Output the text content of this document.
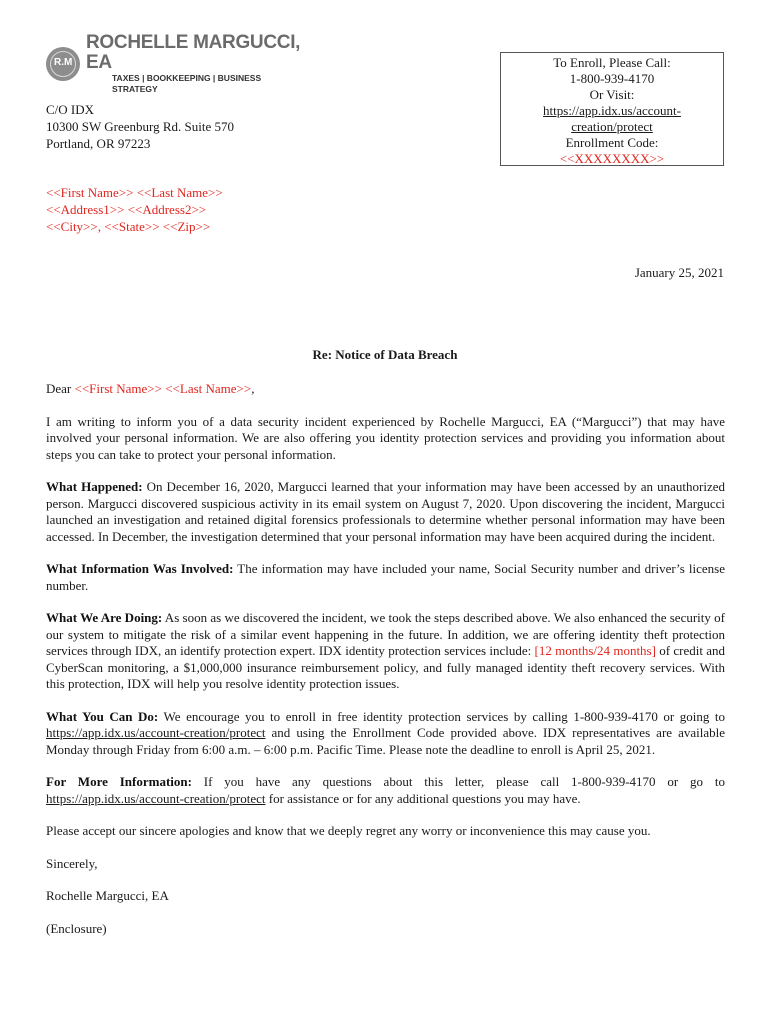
R.M
ROCHELLE MARGUCCI, EA
TAXES | BOOKKEEPING | BUSINESS STRATEGY
C/O IDX
10300 SW Greenburg Rd. Suite 570
Portland, OR 97223
To Enroll, Please Call:
1-800-939-4170
Or Visit:
https://app.idx.us/account-
creation/protect
Enrollment Code:
<<XXXXXXXX>>
<<First Name>> <<Last Name>>
<<Address1>> <<Address2>>
<<City>>, <<State>> <<Zip>>
January 25, 2021
Re: Notice of Data Breach

Dear <<First Name>> <<Last Name>>,

I am writing to inform you of a data security incident experienced by Rochelle Margucci, EA (“Margucci”) that may have involved your personal information. We are also offering you identity protection services and providing you information about steps you can take to protect your personal information.

What Happened: On December 16, 2020, Margucci learned that your information may have been accessed by an unauthorized person. Margucci discovered suspicious activity in its email system on August 7, 2020. Upon discovering the incident, Margucci launched an investigation and retained digital forensics professionals to determine whether personal information may have been accessed. In December, the investigation determined that your personal information may have been acquired during the incident.

What Information Was Involved: The information may have included your name, Social Security number and driver’s license number.

What We Are Doing: As soon as we discovered the incident, we took the steps described above. We also enhanced the security of our system to mitigate the risk of a similar event happening in the future. In addition, we are offering identity theft protection services through IDX, an identify protection expert. IDX identity protection services include: [12 months/24 months] of credit and CyberScan monitoring, a $1,000,000 insurance reimbursement policy, and fully managed identity theft recovery services. With this protection, IDX will help you resolve identity protection issues.

What You Can Do: We encourage you to enroll in free identity protection services by calling 1-800-939-4170 or going to https://app.idx.us/account-creation/protect and using the Enrollment Code provided above. IDX representatives are available Monday through Friday from 6:00 a.m. – 6:00 p.m. Pacific Time. Please note the deadline to enroll is April 25, 2021.

For More Information: If you have any questions about this letter, please call 1-800-939-4170 or go to https://app.idx.us/account-creation/protect for assistance or for any additional questions you may have.

Please accept our sincere apologies and know that we deeply regret any worry or inconvenience this may cause you.

Sincerely,

Rochelle Margucci, EA

(Enclosure)
